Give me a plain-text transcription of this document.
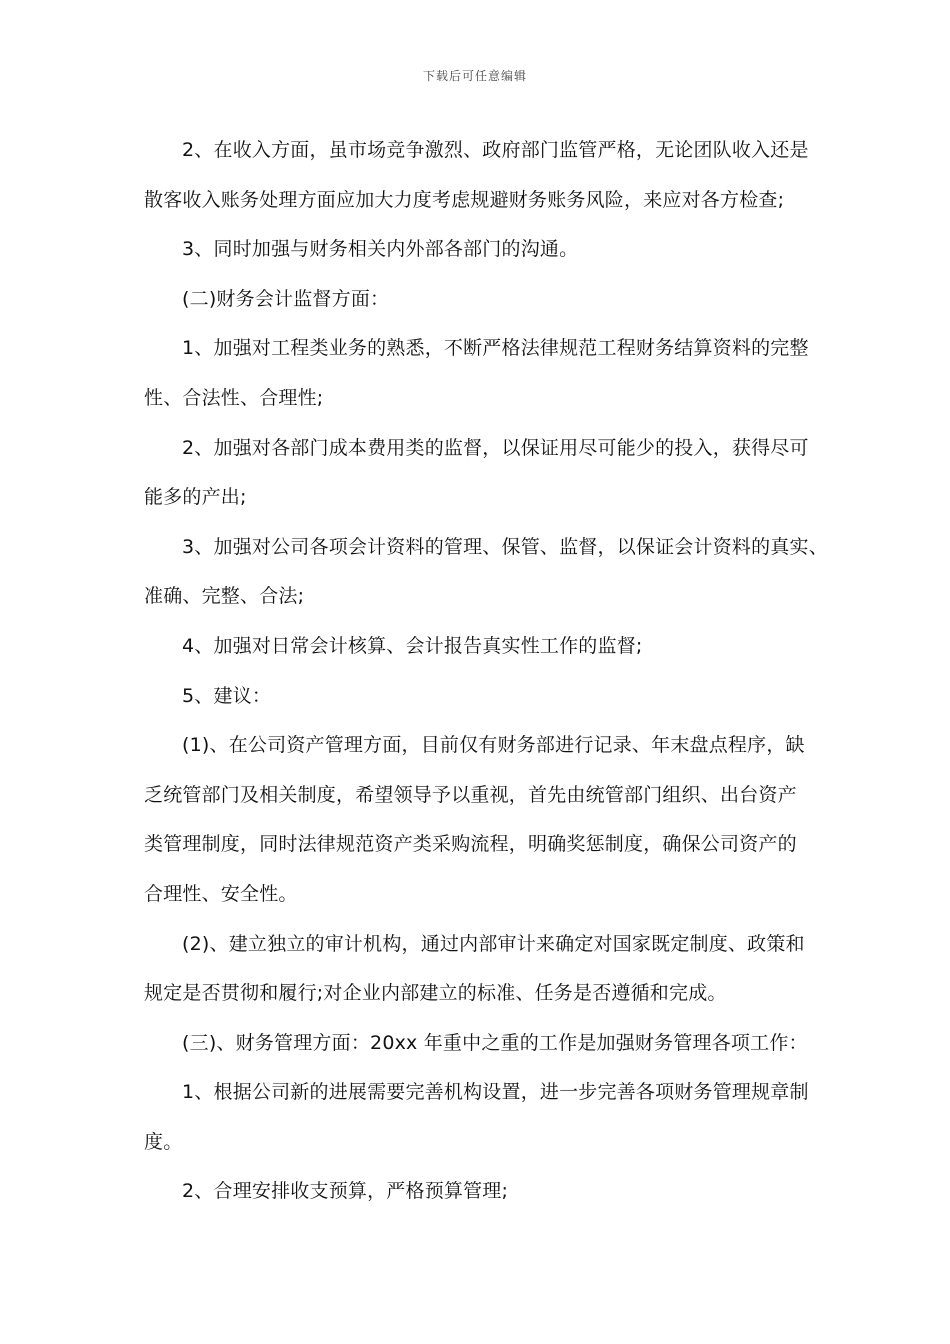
下载后可任意编辑
2、在收入方面，虽市场竞争激烈、政府部门监管严格，无论团队收入还是
散客收入账务处理方面应加大力度考虑规避财务账务风险，来应对各方检查;
3、同时加强与财务相关内外部各部门的沟通。
(二)财务会计监督方面：
1、加强对工程类业务的熟悉，不断严格法律规范工程财务结算资料的完整
性、合法性、合理性;
2、加强对各部门成本费用类的监督，以保证用尽可能少的投入，获得尽可
能多的产出;
3、加强对公司各项会计资料的管理、保管、监督，以保证会计资料的真实、
准确、完整、合法;
4、加强对日常会计核算、会计报告真实性工作的监督;
5、建议：
(1)、在公司资产管理方面，目前仅有财务部进行记录、年末盘点程序，缺
乏统管部门及相关制度，希望领导予以重视，首先由统管部门组织、出台资产
类管理制度，同时法律规范资产类采购流程，明确奖惩制度，确保公司资产的
合理性、安全性。
(2)、建立独立的审计机构，通过内部审计来确定对国家既定制度、政策和
规定是否贯彻和履行;对企业内部建立的标准、任务是否遵循和完成。
(三)、财务管理方面：20xx 年重中之重的工作是加强财务管理各项工作：
1、根据公司新的进展需要完善机构设置，进一步完善各项财务管理规章制
度。
2、合理安排收支预算，严格预算管理;
